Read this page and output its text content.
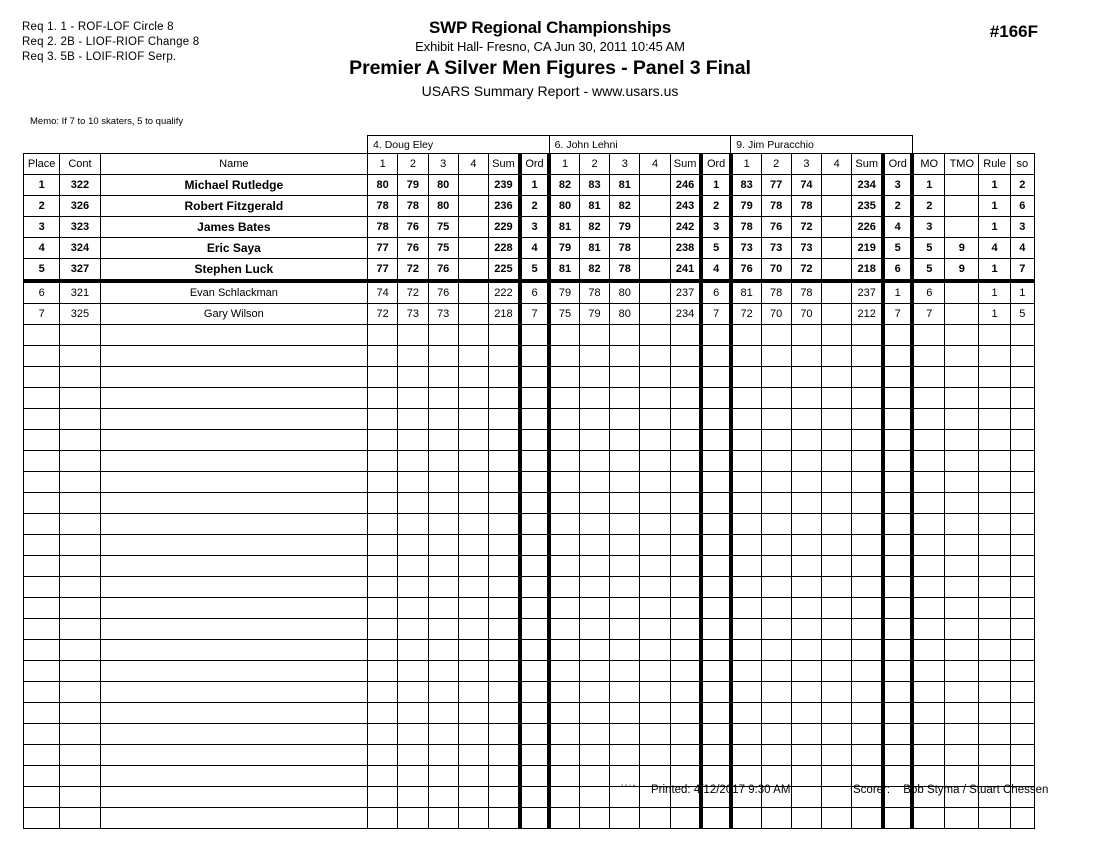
Req 1. 1 - ROF-LOF Circle 8
Req 2. 2B - LIOF-RIOF Change 8
Req 3. 5B - LOIF-RIOF Serp.
Memo: If 7 to 10 skaters, 5 to qualify
SWP Regional Championships
Exhibit Hall- Fresno, CA Jun 30, 2011 10:45 AM
Premier A Silver Men Figures - Panel 3 Final
USARS Summary Report - www.usars.us
#166F
			4. Doug Eley						6. John Lehni						9. Jim Puracchio									
Place	Cont	Name	1	2	3	4	Sum	Ord	1	2	3	4	Sum	Ord	1	2	3	4	Sum	Ord	MO	TMO	Rule	so
1	322	Michael Rutledge	80	79	80		239	1	82	83	81		246	1	83	77	74		234	3	1		1	2
2	326	Robert Fitzgerald	78	78	80		236	2	80	81	82		243	2	79	78	78		235	2	2		1	6
3	323	James Bates	78	76	75		229	3	81	82	79		242	3	78	76	72		226	4	3		1	3
4	324	Eric Saya	77	76	75		228	4	79	81	78		238	5	73	73	73		219	5	5	9	4	4
5	327	Stephen Luck	77	72	76		225	5	81	82	78		241	4	76	70	72		218	6	5	9	1	7
6	321	Evan Schlackman	74	72	76		222	6	79	78	80		237	6	81	78	78		237	1	6		1	1
7	325	Gary Wilson	72	73	73		218	7	75	79	80		234	7	72	70	70		212	7	7		1	5

3.8.1.8 Printed: 4/12/2017 9:30 AM	Scorer: Bob Styma / Stuart Chessen
